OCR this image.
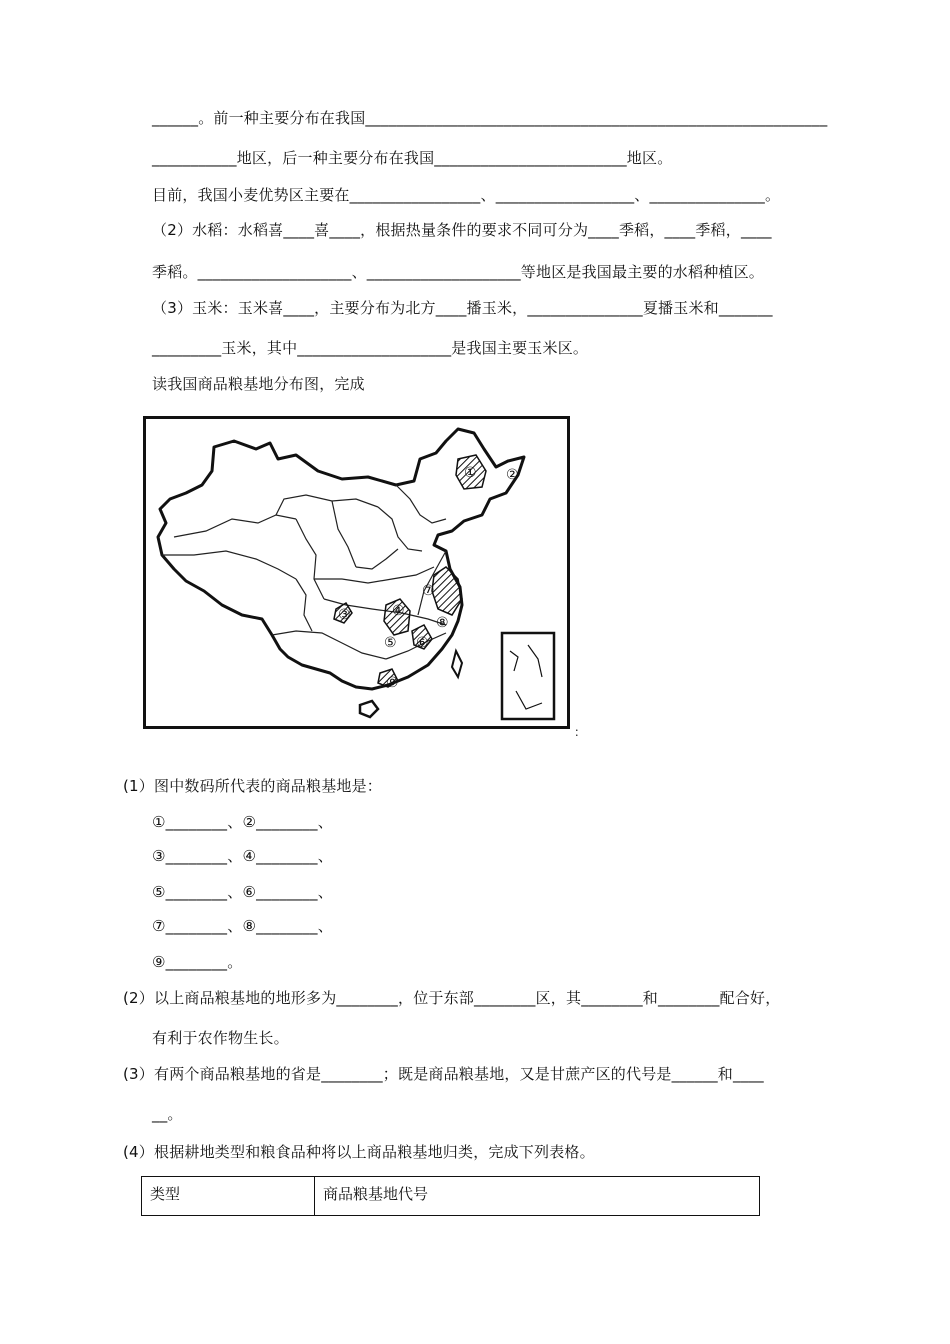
______。前一种主要分布在我国____________________________________________________________
___________地区，后一种主要分布在我国_________________________地区。
目前，我国小麦优势区主要在_________________、__________________、_______________。
（2）水稻：水稻喜____喜____，根据热量条件的要求不同可分为____季稻，____季稻，____
季稻。____________________、____________________等地区是我国最主要的水稻种植区。
（3）玉米：玉米喜____，主要分布为北方____播玉米，_______________夏播玉米和_______
_________玉米，其中____________________是我国主要玉米区。
读我国商品粮基地分布图，完成
① ②
③	④
⑤ ⑥
⑦
⑧
⑨
：
(1）图中数码所代表的商品粮基地是：
①________、②________、
③________、④________、
⑤________、⑥________、
⑦________、⑧________、
⑨________。
(2）以上商品粮基地的地形多为________，位于东部________区，其________和________配合好，
有利于农作物生长。
(3）有两个商品粮基地的省是________；既是商品粮基地，又是甘蔗产区的代号是______和____
__。
(4）根据耕地类型和粮食品种将以上商品粮基地归类，完成下列表格。
类型	商品粮基地代号
